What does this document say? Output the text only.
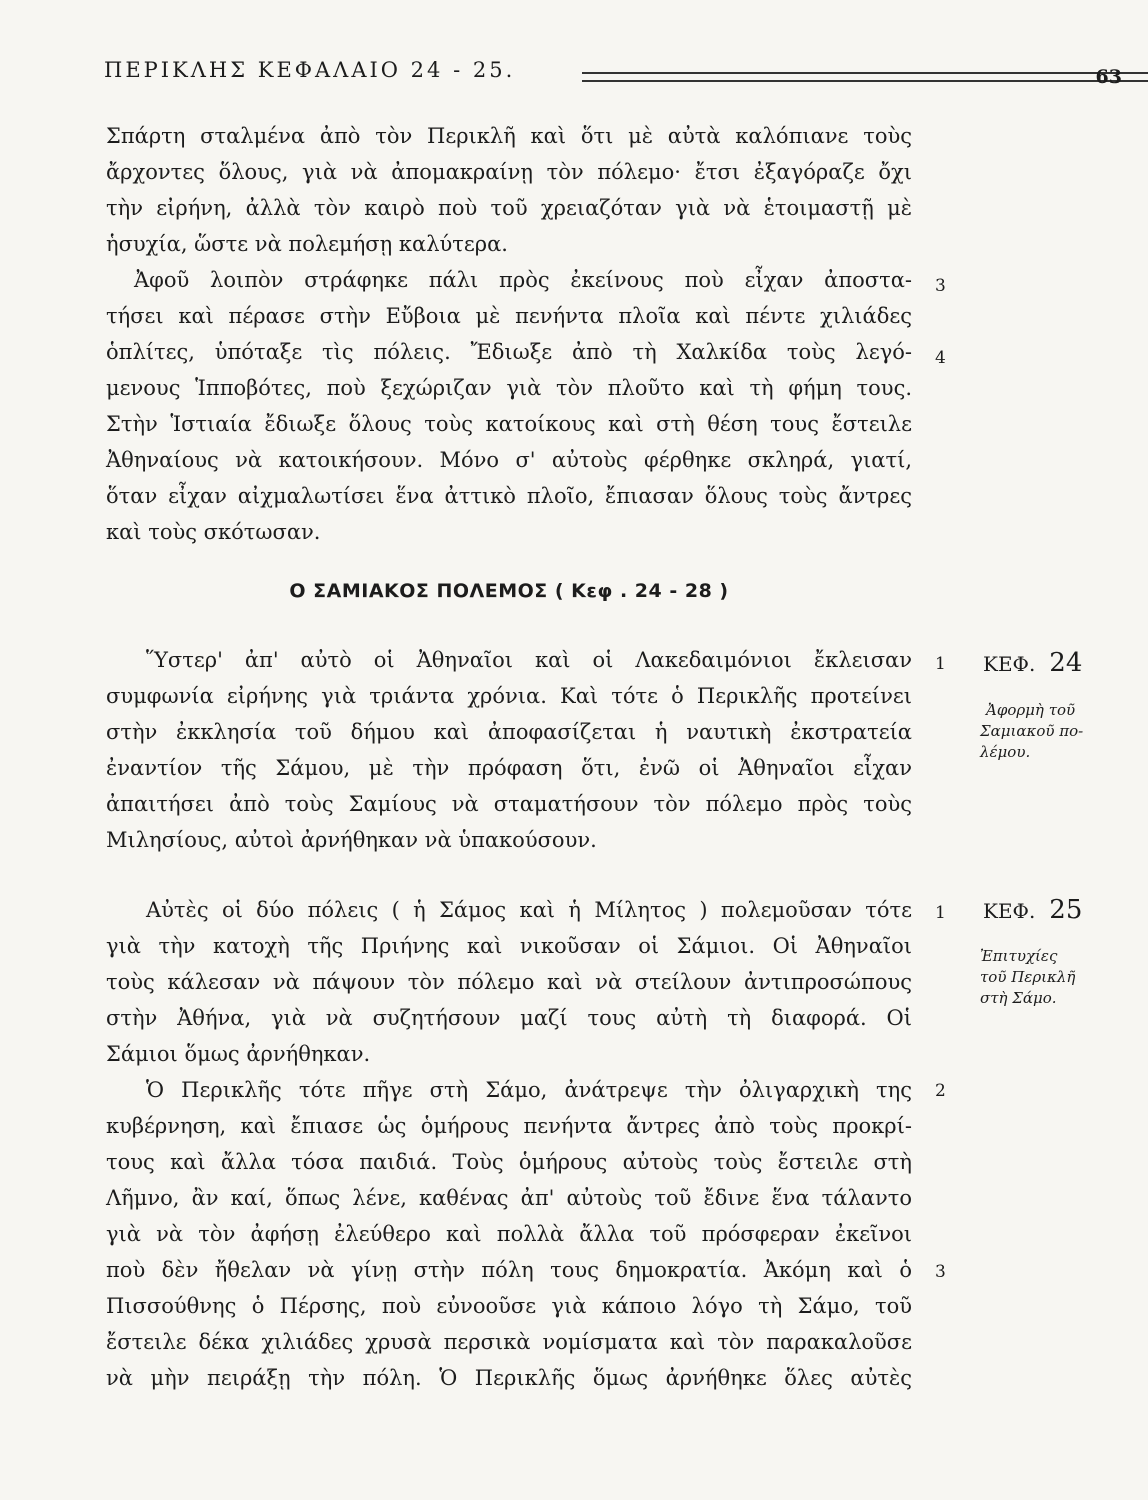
ΠΕΡΙΚΛΗΣ ΚΕΦΑΛΑΙΟ 24 - 25.	63
Σπάρτη σταλμένα ἀπὸ τὸν Περικλῆ καὶ ὅτι μὲ αὐτὰ καλόπιανε τοὺς
ἄρχοντες ὅλους, γιὰ νὰ ἀπομακραίνῃ τὸν πόλεμο· ἔτσι ἐξαγόραζε ὄχι
τὴν εἰρήνη, ἀλλὰ τὸν καιρὸ ποὺ τοῦ χρειαζόταν γιὰ νὰ ἑτοιμαστῇ μὲ
ἡσυχία, ὥστε νὰ πολεμήσῃ καλύτερα.
Ἀφοῦ λοιπὸν στράφηκε πάλι πρὸς ἐκείνους ποὺ εἶχαν ἀποστα-
τήσει καὶ πέρασε στὴν Εὔβοια μὲ πενήντα πλοῖα καὶ πέντε χιλιάδες
ὁπλίτες, ὑπόταξε τὶς πόλεις. Ἔδιωξε ἀπὸ τὴ Χαλκίδα τοὺς λεγό-
μενους Ἱπποβότες, ποὺ ξεχώριζαν γιὰ τὸν πλοῦτο καὶ τὴ φήμη τους.
Στὴν Ἱστιαία ἔδιωξε ὅλους τοὺς κατοίκους καὶ στὴ θέση τους ἔστειλε
Ἀθηναίους νὰ κατοικήσουν. Μόνο σ' αὐτοὺς φέρθηκε σκληρά, γιατί,
ὅταν εἶχαν αἰχμαλωτίσει ἕνα ἀττικὸ πλοῖο, ἔπιασαν ὅλους τοὺς ἄντρες
καὶ τοὺς σκότωσαν.
Ο ΣΑΜΙΑΚΟΣ ΠΟΛΕΜΟΣ ( Κεφ . 24 - 28 )
Ὕστερ' ἀπ' αὐτὸ οἱ Ἀθηναῖοι καὶ οἱ Λακεδαιμόνιοι ἔκλεισαν
συμφωνία εἰρήνης γιὰ τριάντα χρόνια. Καὶ τότε ὁ Περικλῆς προτείνει
στὴν ἐκκλησία τοῦ δήμου καὶ ἀποφασίζεται ἡ ναυτικὴ ἐκστρατεία
ἐναντίον τῆς Σάμου, μὲ τὴν πρόφαση ὅτι, ἐνῶ οἱ Ἀθηναῖοι εἶχαν
ἀπαιτήσει ἀπὸ τοὺς Σαμίους νὰ σταματήσουν τὸν πόλεμο πρὸς τοὺς
Μιλησίους, αὐτοὶ ἀρνήθηκαν νὰ ὑπακούσουν.
Αὐτὲς οἱ δύο πόλεις ( ἡ Σάμος καὶ ἡ Μίλητος ) πολεμοῦσαν τότε
γιὰ τὴν κατοχὴ τῆς Πριήνης καὶ νικοῦσαν οἱ Σάμιοι. Οἱ Ἀθηναῖοι
τοὺς κάλεσαν νὰ πάψουν τὸν πόλεμο καὶ νὰ στείλουν ἀντιπροσώπους
στὴν Ἀθήνα, γιὰ νὰ συζητήσουν μαζί τους αὐτὴ τὴ διαφορά. Οἱ
Σάμιοι ὅμως ἀρνήθηκαν.
Ὁ Περικλῆς τότε πῆγε στὴ Σάμο, ἀνάτρεψε τὴν ὀλιγαρχικὴ της
κυβέρνηση, καὶ ἔπιασε ὡς ὁμήρους πενήντα ἄντρες ἀπὸ τοὺς προκρί-
τους καὶ ἄλλα τόσα παιδιά. Τοὺς ὁμήρους αὐτοὺς τοὺς ἔστειλε στὴ
Λῆμνο, ἂν καί, ὅπως λένε, καθένας ἀπ' αὐτοὺς τοῦ ἔδινε ἕνα τάλαντο
γιὰ νὰ τὸν ἀφήσῃ ἐλεύθερο καὶ πολλὰ ἄλλα τοῦ πρόσφεραν ἐκεῖνοι
ποὺ δὲν ἤθελαν νὰ γίνῃ στὴν πόλη τους δημοκρατία. Ἀκόμη καὶ ὁ
Πισσούθνης ὁ Πέρσης, ποὺ εὐνοοῦσε γιὰ κάποιο λόγο τὴ Σάμο, τοῦ
ἔστειλε δέκα χιλιάδες χρυσὰ περσικὰ νομίσματα καὶ τὸν παρακαλοῦσε
νὰ μὴν πειράξῃ τὴν πόλη. Ὁ Περικλῆς ὅμως ἀρνήθηκε ὅλες αὐτὲς
3
4
1
1
2
3
ΚΕΦ. 24
Ἀφορμὴ τοῦ
Σαμιακοῦ πο-
λέμου.
ΚΕΦ. 25
Ἐπιτυχίες
τοῦ Περικλῆ
στὴ Σάμο.
